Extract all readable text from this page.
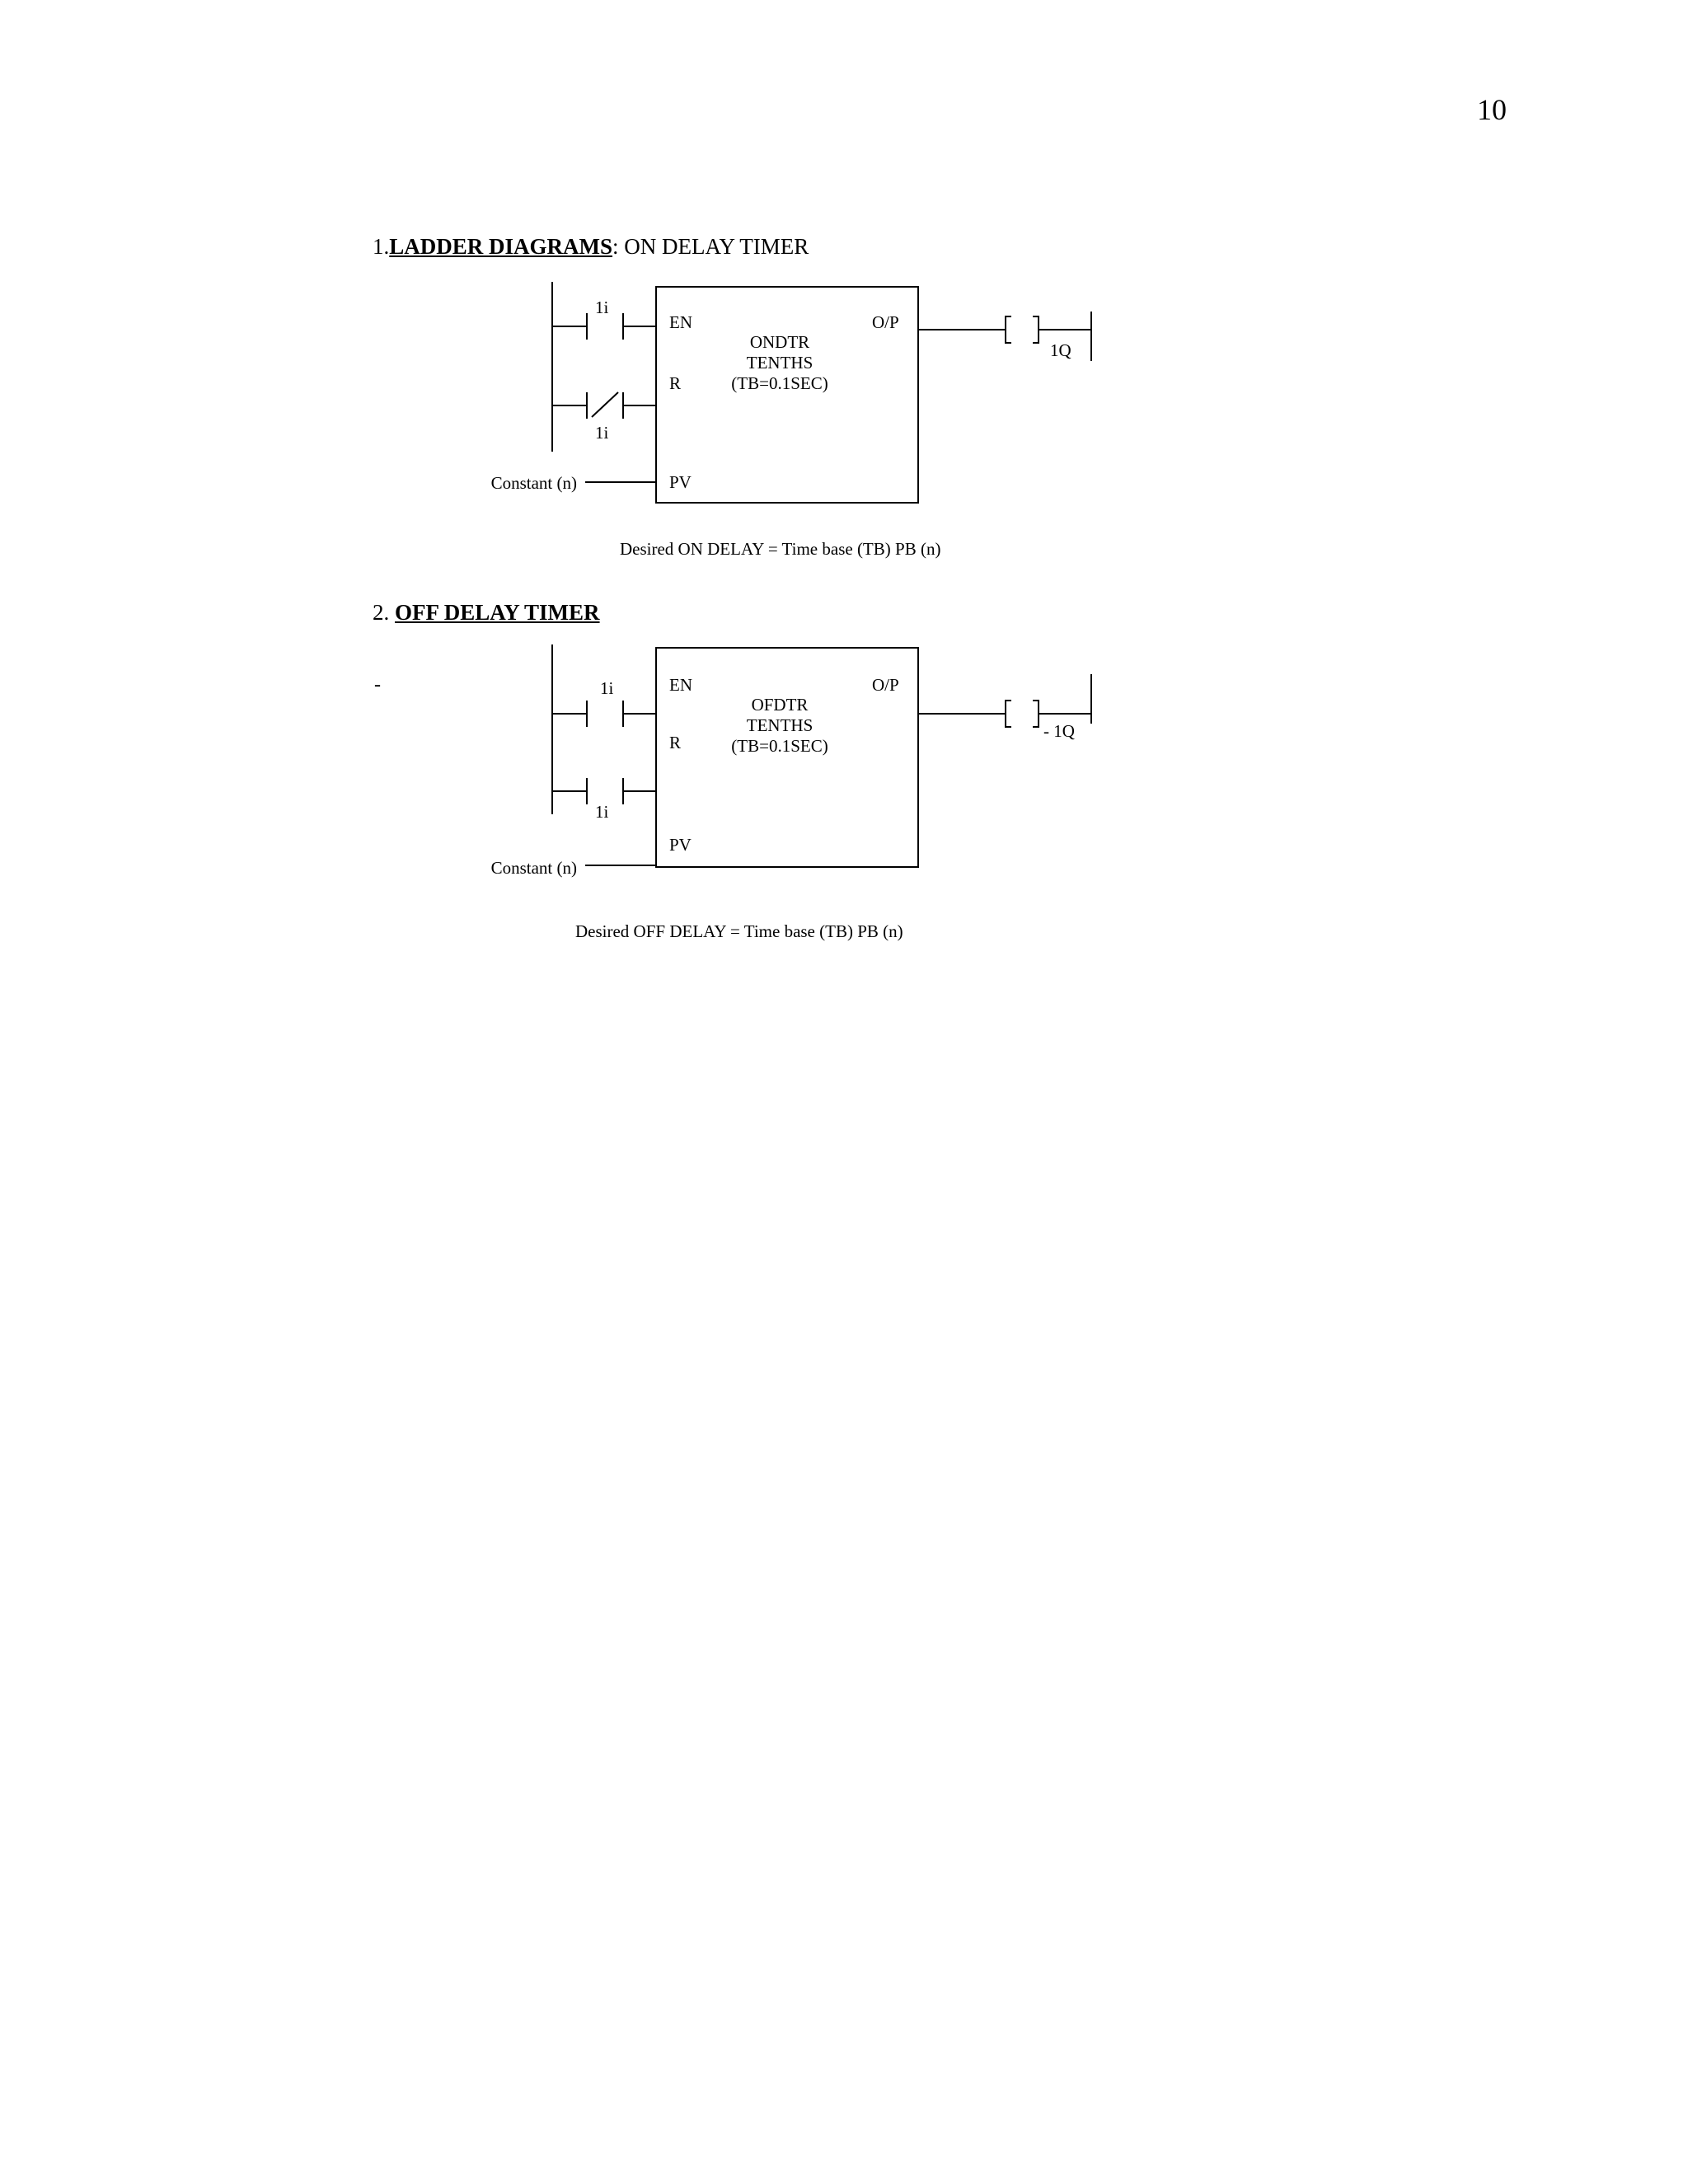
10
1.LADDER DIAGRAMS: ON DELAY TIMER
1i
1i
EN
R
PV
O/P
ONDTR
TENTHS
(TB=0.1SEC)
1Q
Constant (n)
Desired ON DELAY = Time base (TB) PB (n)
2. OFF DELAY TIMER
-	1i
1i
EN
R
PV
O/P
OFDTR
TENTHS
(TB=0.1SEC)
- 1Q
Constant (n)
Desired OFF DELAY = Time base (TB) PB (n)
